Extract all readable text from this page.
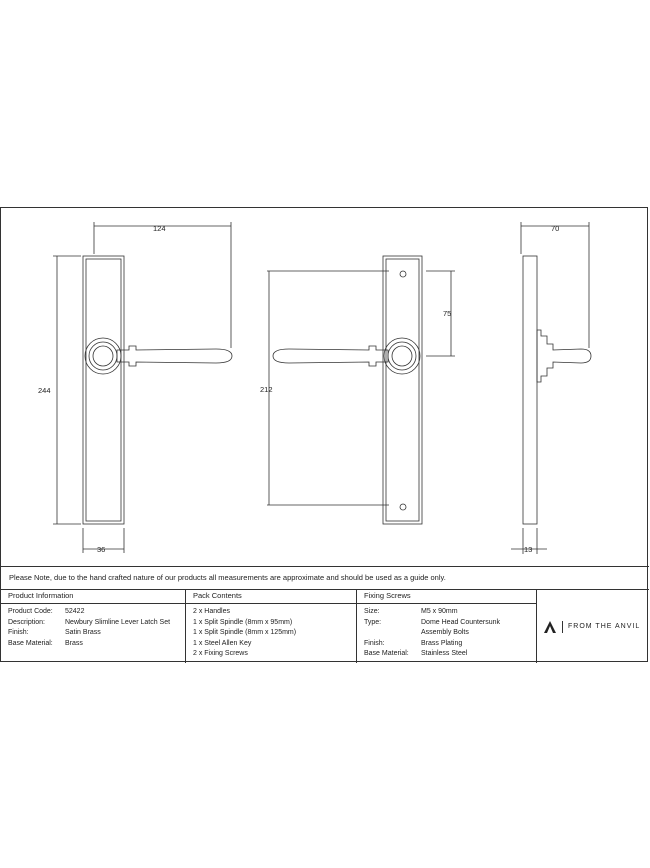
124
244
36
212
75
70
13
Please Note, due to the hand crafted nature of our products all measurements are approximate and should be used as a guide only.
Product Information
Product Code:	52422
Description:	Newbury Slimline Lever Latch Set
Finish:	Satin Brass
Base Material:	Brass
Pack Contents
2 x Handles
1 x Split Spindle (8mm x 95mm)
1 x Split Spindle (8mm x 125mm)
1 x Steel Allen Key
2 x Fixing Screws
Fixing Screws
Size:	M5 x 90mm
Type:	Dome Head Countersunk
Assembly Bolts
Finish:	Brass Plating
Base Material:	Stainless Steel
FROM THE ANVIL
